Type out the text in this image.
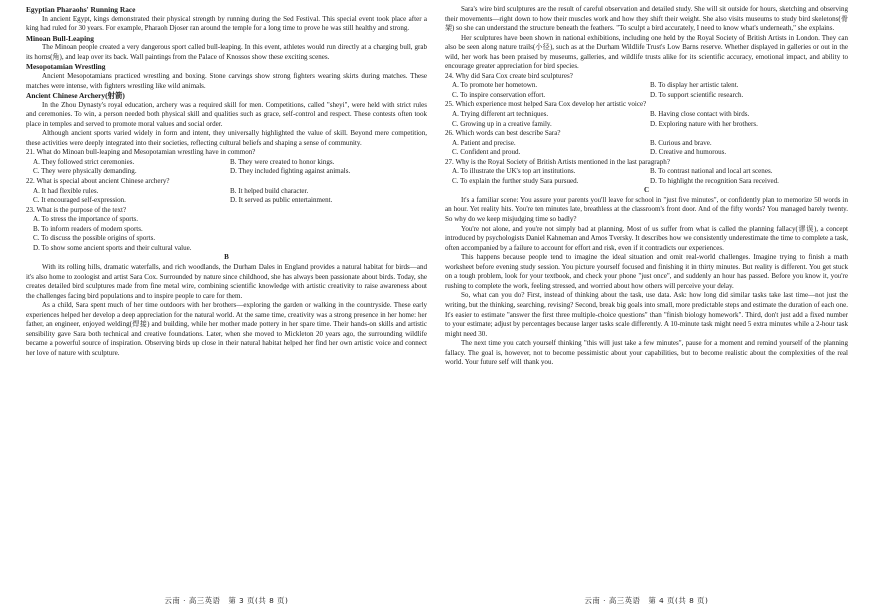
Egyptian Pharaohs' Running Race

In ancient Egypt, kings demonstrated their physical strength by running during the Sed Festival. This special event took place after a king had ruled for 30 years. For example, Pharaoh Djoser ran around the temple for a long time to prove he was still healthy and strong.

Minoan Bull-Leaping

The Minoan people created a very dangerous sport called bull-leaping. In this event, athletes would run directly at a charging bull, grab its horns(角), and leap over its back. Wall paintings from the Palace of Knossos show these exciting scenes.

Mesopotamian Wrestling

Ancient Mesopotamians practiced wrestling and boxing. Stone carvings show strong fighters wearing skirts during matches. These matches were intense, with fighters wrestling like wild animals.

Ancient Chinese Archery(射箭)

In the Zhou Dynasty's royal education, archery was a required skill for men. Competitions, called "sheyi", were held with strict rules and ceremonies. To win, a person needed both physical skill and qualities such as grace, self-control and respect. These contests often took place in temples and served to promote moral values and social order.

Although ancient sports varied widely in form and intent, they universally highlighted the value of skill. Beyond mere competition, these activities were deeply integrated into their societies, reflecting cultural beliefs and shaping a sense of community.

21. What do Minoan bull-leaping and Mesopotamian wrestling have in common?

A. They followed strict ceremonies.	B. They were created to honor kings.
C. They were physically demanding.	D. They included fighting against animals.

22. What is special about ancient Chinese archery?

A. It had flexible rules.	B. It helped build character.
C. It encouraged self-expression.	D. It served as public entertainment.

23. What is the purpose of the text?

A. To stress the importance of sports.
B. To inform readers of modern sports.
C. To discuss the possible origins of sports.
D. To show some ancient sports and their cultural value.

B

With its rolling hills, dramatic waterfalls, and rich woodlands, the Durham Dales in England provides a natural habitat for birds—and it's also home to zoologist and artist Sara Cox. Surrounded by nature since childhood, she has always been passionate about birds. Today, she creates detailed bird sculptures made from fine metal wire, combining scientific knowledge with artistic creativity to raise awareness about the challenges facing bird populations and to inspire people to care for them.

As a child, Sara spent much of her time outdoors with her brothers—exploring the garden or walking in the countryside. These early experiences helped her develop a deep appreciation for the natural world. At the same time, creativity was a strong presence in her home: her father, an engineer, enjoyed welding(焊接) and building, while her mother made pottery in her spare time. Their hands-on skills and artistic sensibility gave Sara both technical and creative foundations. Later, when she moved to Mickleton 20 years ago, the surrounding wildlife became a powerful source of inspiration. Observing birds up close in their natural habitat helped her find her own artistic voice and connect her love of nature with sculpture.

云南 · 高三英语　第 3 页(共 8 页)

Sara's wire bird sculptures are the result of careful observation and detailed study. She will sit outside for hours, sketching and observing their movements—right down to how their muscles work and how they shift their weight. She also visits museums to study bird skeletons(骨架) so she can understand the structure beneath the feathers. "To sculpt a bird accurately, I need to know what's underneath," she explains.

Her sculptures have been shown in national exhibitions, including one held by the Royal Society of British Artists in London. They can also be seen along nature trails(小径), such as at the Durham Wildlife Trust's Low Barns reserve. Whether displayed in galleries or out in the wild, her work has been praised by museums, galleries, and wildlife trusts alike for its scientific accuracy, emotional impact, and ability to encourage greater appreciation for bird species.

24. Why did Sara Cox create bird sculptures?

A. To promote her hometown.	B. To display her artistic talent.
C. To inspire conservation effort.	D. To support scientific research.

25. Which experience most helped Sara Cox develop her artistic voice?

A. Trying different art techniques.	B. Having close contact with birds.
C. Growing up in a creative family.	D. Exploring nature with her brothers.

26. Which words can best describe Sara?

A. Patient and precise.	B. Curious and brave.
C. Confident and proud.	D. Creative and humorous.

27. Why is the Royal Society of British Artists mentioned in the last paragraph?

A. To illustrate the UK's top art institutions.	B. To contrast national and local art scenes.
C. To explain the further study Sara pursued.	D. To highlight the recognition Sara received.

C

It's a familiar scene: You assure your parents you'll leave for school in "just five minutes", or confidently plan to memorize 50 words in an hour. Yet reality hits. You're ten minutes late, breathless at the classroom's front door. And of the fifty words? You managed barely twenty. So why do we keep misjudging time so badly?

You're not alone, and you're not simply bad at planning. Most of us suffer from what is called the planning fallacy(谬误), a concept introduced by psychologists Daniel Kahneman and Amos Tversky. It describes how we consistently underestimate the time to complete a task, often accompanied by a failure to account for effort and risk, even if it contradicts our experiences.

This happens because people tend to imagine the ideal situation and omit real-world challenges. Imagine trying to finish a math worksheet before evening study session. You picture yourself focused and finishing it in thirty minutes. But reality is different. You get stuck on a tough problem, look for your textbook, and check your phone "just once", and suddenly an hour has passed. Before you know it, you're rushing to complete the work, feeling stressed, and worried about how others will perceive your delay.

So, what can you do? First, instead of thinking about the task, use data. Ask: how long did similar tasks take last time—not just the writing, but the thinking, searching, revising? Second, break big goals into small, more predictable steps and estimate the duration of each one. It's easier to estimate "answer the first three multiple-choice questions" than "finish biology homework". Third, don't just add a fixed number to your estimate; adjust by percentages because larger tasks scale differently. A 10-minute task might need 5 extra minutes while a 2-hour task might need 30.

The next time you catch yourself thinking "this will just take a few minutes", pause for a moment and remind yourself of the planning fallacy. The goal is, however, not to become pessimistic about your capabilities, but to become realistic about the complexities of the real world. Your future self will thank you.

云南 · 高三英语　第 4 页(共 8 页)
